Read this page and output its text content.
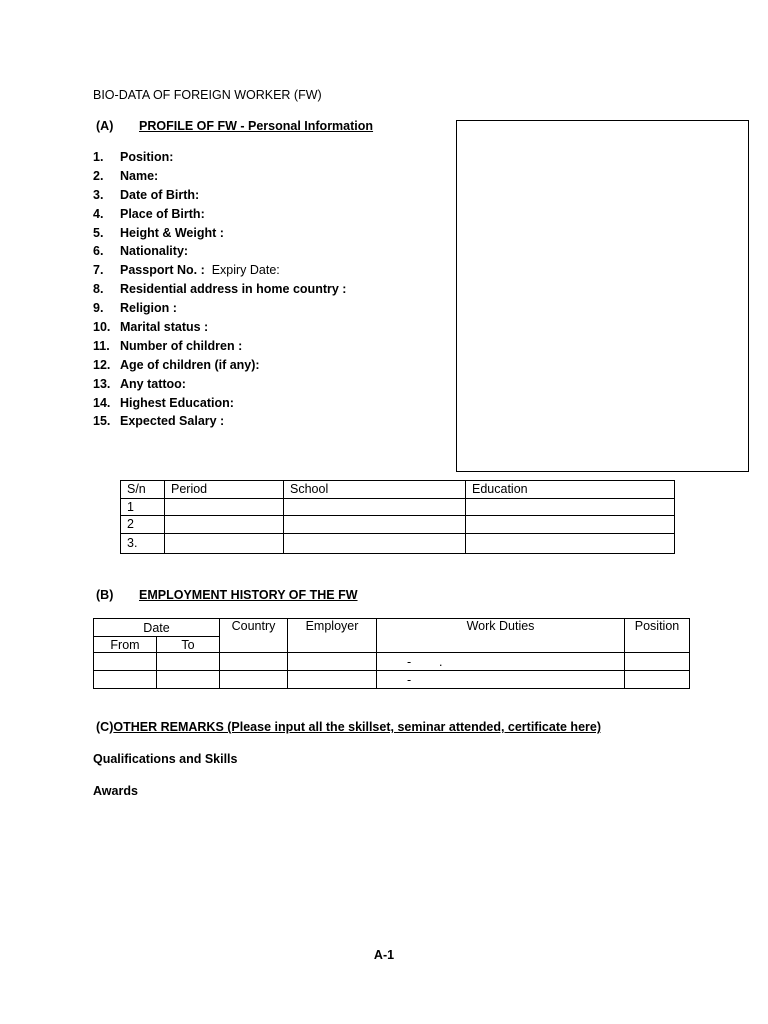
BIO-DATA OF FOREIGN WORKER (FW)
(A) PROFILE OF FW - Personal Information
1. Position:
2. Name:
3. Date of Birth:
4. Place of Birth:
5. Height & Weight :
6. Nationality:
7. Passport No. : Expiry Date:
8. Residential address in home country :
9. Religion :
10. Marital status :
11. Number of children :
12. Age of children (if any):
13. Any tattoo:
14. Highest Education:
15. Expected Salary :
S/n	Period	School	Education
1			
2			
3.			
(B) EMPLOYMENT HISTORY OF THE FW
Date		Country	Employer	Work Duties	Position
From	To				
				-        .	
				-	
(C)OTHER REMARKS (Please input all the skillset, seminar attended, certificate here)
Qualifications and Skills
Awards
A-1
